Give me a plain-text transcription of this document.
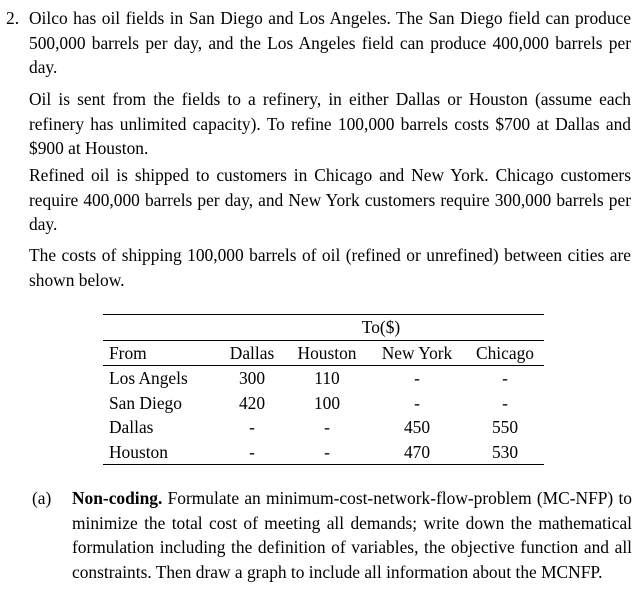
2. Oilco has oil fields in San Diego and Los Angeles. The San Diego field can produce 500,000 barrels per day, and the Los Angeles field can produce 400,000 barrels per day.

Oil is sent from the fields to a refinery, in either Dallas or Houston (assume each refinery has unlimited capacity). To refine 100,000 barrels costs $700 at Dallas and $900 at Houston.

Refined oil is shipped to customers in Chicago and New York. Chicago customers require 400,000 barrels per day, and New York customers require 300,000 barrels per day.

The costs of shipping 100,000 barrels of oil (refined or unrefined) between cities are shown below.

	To($)			
From	Dallas	Houston	New York	Chicago
Los Angels	300	110	-	-
San Diego	420	100	-	-
Dallas	-	-	450	550
Houston	-	-	470	530
(a) Non-coding. Formulate an minimum-cost-network-flow-problem (MC-NFP) to minimize the total cost of meeting all demands; write down the mathematical formulation including the definition of variables, the objective function and all constraints. Then draw a graph to include all information about the MCNFP.
